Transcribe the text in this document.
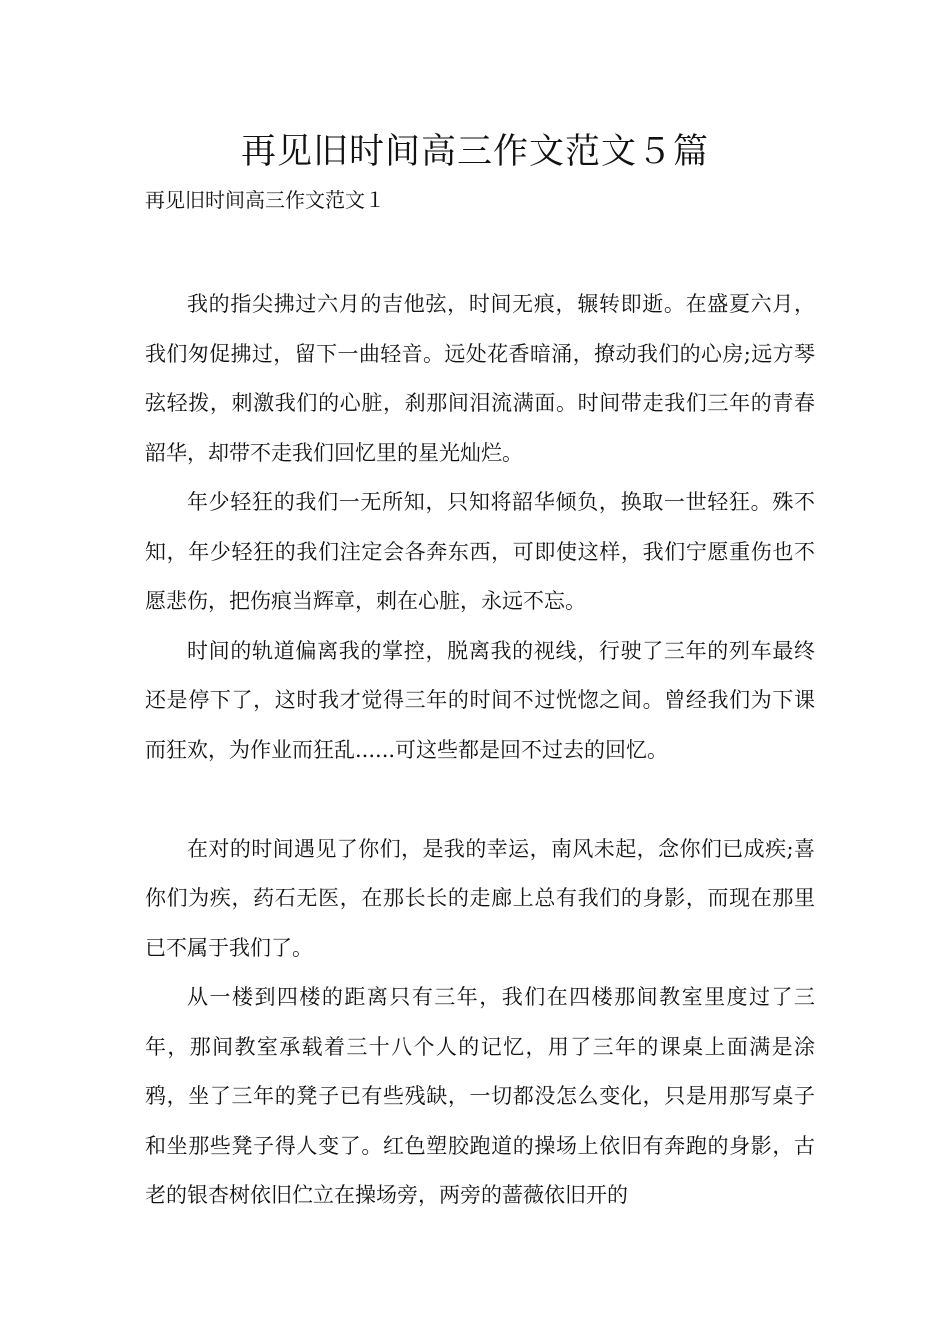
再见旧时间高三作文范文５篇

再见旧时间高三作文范文１

我的指尖拂过六月的吉他弦，时间无痕，辗转即逝。在盛夏六月，我们匆促拂过，留下一曲轻音。远处花香暗涌，撩动我们的心房;远方琴弦轻拨，刺激我们的心脏，刹那间泪流满面。时间带走我们三年的青春韶华，却带不走我们回忆里的星光灿烂。

年少轻狂的我们一无所知，只知将韶华倾负，换取一世轻狂。殊不知，年少轻狂的我们注定会各奔东西，可即使这样，我们宁愿重伤也不愿悲伤，把伤痕当辉章，刺在心脏，永远不忘。

时间的轨道偏离我的掌控，脱离我的视线，行驶了三年的列车最终还是停下了，这时我才觉得三年的时间不过恍惚之间。曾经我们为下课而狂欢，为作业而狂乱......可这些都是回不过去的回忆。

在对的时间遇见了你们，是我的幸运，南风未起，念你们已成疾;喜你们为疾，药石无医，在那长长的走廊上总有我们的身影，而现在那里已不属于我们了。

从一楼到四楼的距离只有三年，我们在四楼那间教室里度过了三年，那间教室承载着三十八个人的记忆，用了三年的课桌上面满是涂鸦，坐了三年的凳子已有些残缺，一切都没怎么变化，只是用那写桌子和坐那些凳子得人变了。红色塑胶跑道的操场上依旧有奔跑的身影，古老的银杏树依旧伫立在操场旁，两旁的蔷薇依旧开的
